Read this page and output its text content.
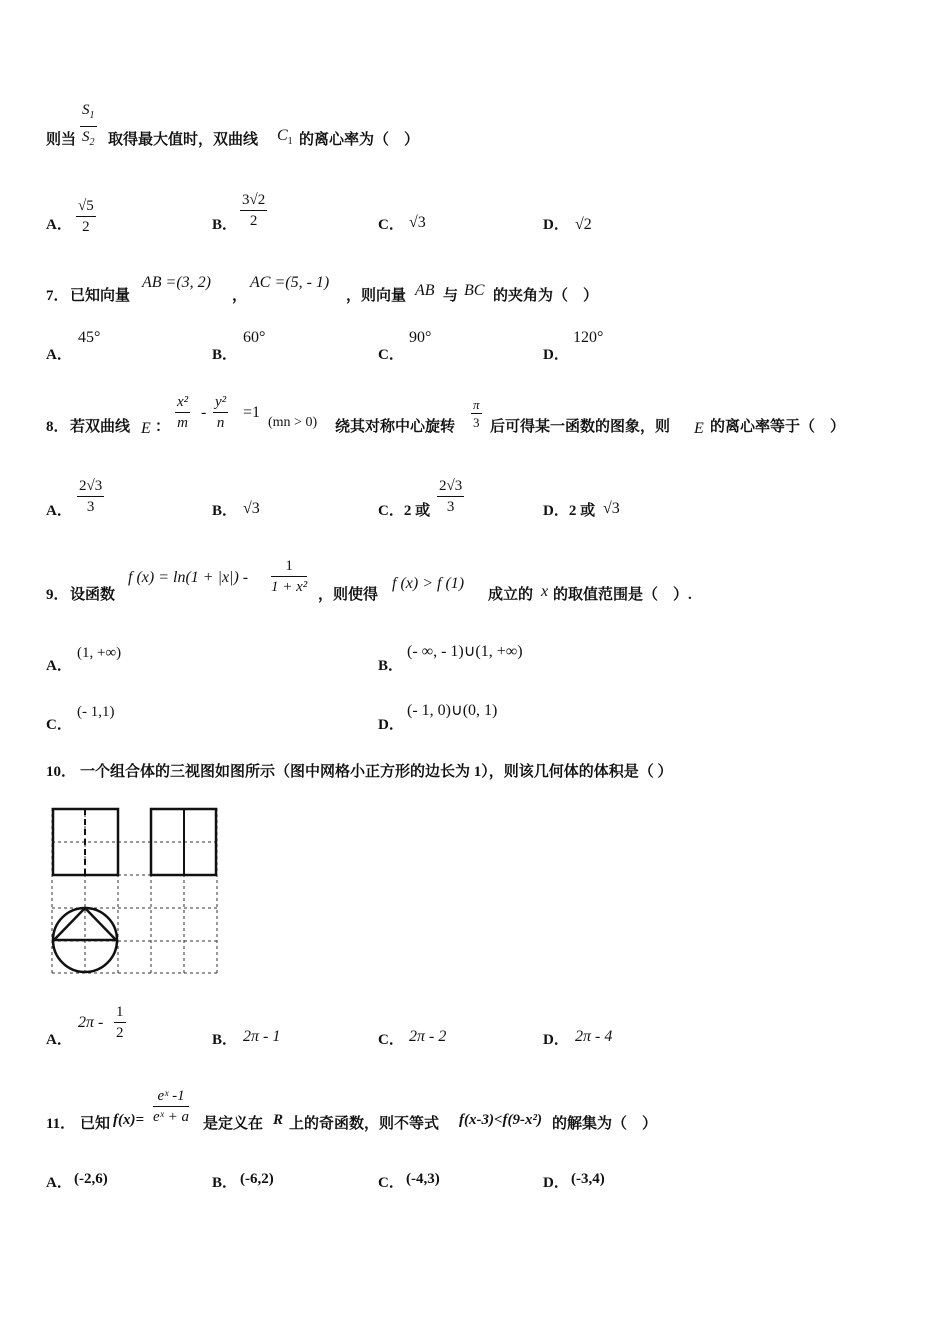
则当 $\frac{S_1}{S_2}$ 取得最大值时，双曲线 $C_1$ 的离心率为（　）
A． $\frac{√5}{2}$	B． $\frac{3√2}{2}$	C． √3	D． √2
7． 已知向量
AB =(3, 2)
，
AC =(5, - 1)
，则向量 AB 与 BC 的夹角为（　）
A．
45°
B．
60°
C．
90°
D．
120°
8． 若双曲线 E ： $\frac{\text{x²}}{m} - \frac{\text{y²}}{n} =1$
(mn > 0) 绕其对称中心旋转 $\frac{\pi}{3}$ 后可得某一函数的图象，则 E 的离心率等于（　）
A． $\frac{2√3}{3}$	B． √3	C．2 或 $\frac{2√3}{3}$	D．2 或 √3
9． 设函数
f $(x) = \ln(1 + |x|) - \frac{1}{\text{1 + x²}}$ ，则使得
f (x) > f (1)
成立的 x 的取值范围是（　）.
A．
(1, +∞)
B．
(- ∞, - 1)∪(1, +∞)
C．
(- 1,1)
D．
(- 1, 0)∪(0, 1)
10． 一个组合体的三视图如图所示（图中网格小正方形的边长为 1），则该几何体的体积是（ ）
A．
$2\pi - \frac{1}{2}$	B． 2π - 1	C． 2π - 2	D． 2π - 4
11． 已知 $f(x)= \frac{\text{eˣ -1}}{\text{eˣ + a}}$ 是定义在 R 上的奇函数，则不等式 f(x-3)<f(9-x²) 的解集为（　）
A． (-2,6)	B． (-6,2)	C． (-4,3)	D． (-3,4)
